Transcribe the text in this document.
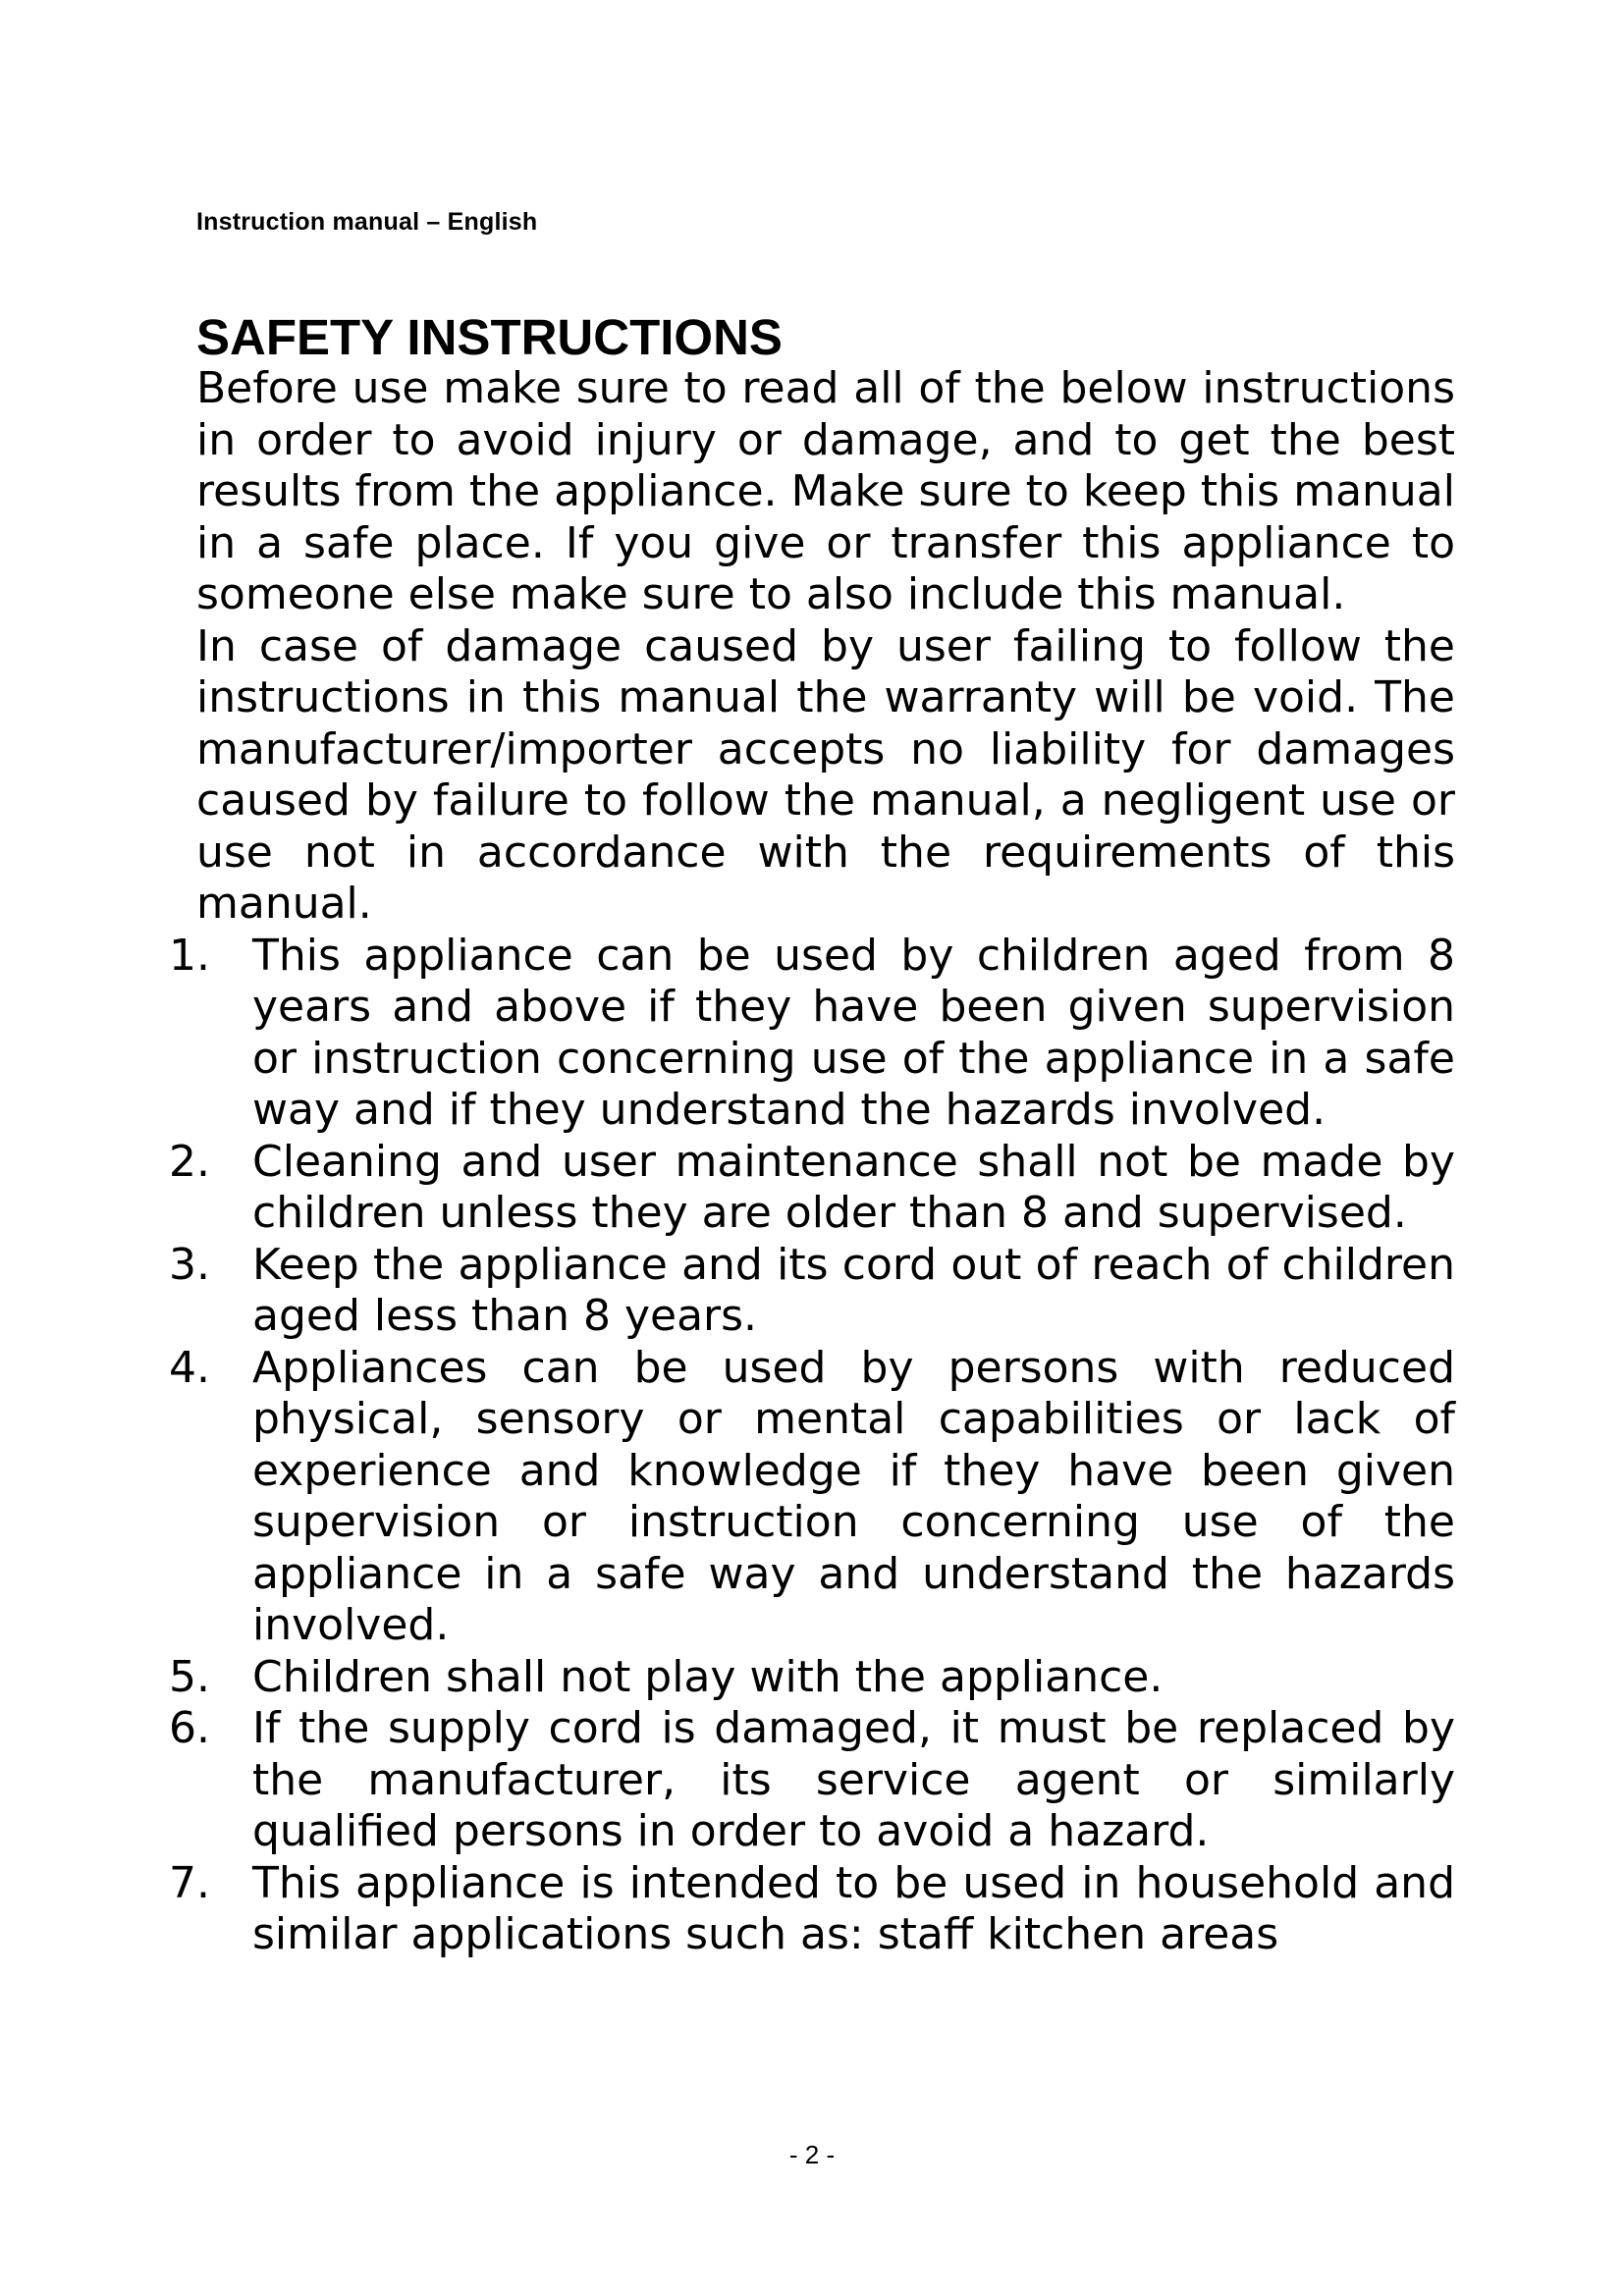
Instruction manual – English
SAFETY INSTRUCTIONS

Before use make sure to read all of the below instructions in order to avoid injury or damage, and to get the best results from the appliance. Make sure to keep this manual in a safe place. If you give or transfer this appliance to someone else make sure to also include this manual.

In case of damage caused by user failing to follow the instructions in this manual the warranty will be void. The manufacturer/importer accepts no liability for damages caused by failure to follow the manual, a negligent use or use not in accordance with the requirements of this manual.

1. This appliance can be used by children aged from 8 years and above if they have been given supervision or instruction concerning use of the appliance in a safe way and if they understand the hazards involved.
2. Cleaning and user maintenance shall not be made by children unless they are older than 8 and supervised.
3. Keep the appliance and its cord out of reach of children aged less than 8 years.
4. Appliances can be used by persons with reduced physical, sensory or mental capabilities or lack of experience and knowledge if they have been given supervision or instruction concerning use of the appliance in a safe way and understand the hazards involved.
5. Children shall not play with the appliance.
6. If the supply cord is damaged, it must be replaced by the manufacturer, its service agent or similarly qualified persons in order to avoid a hazard.
7. This appliance is intended to be used in household and similar applications such as: staff kitchen areas
- 2 -
